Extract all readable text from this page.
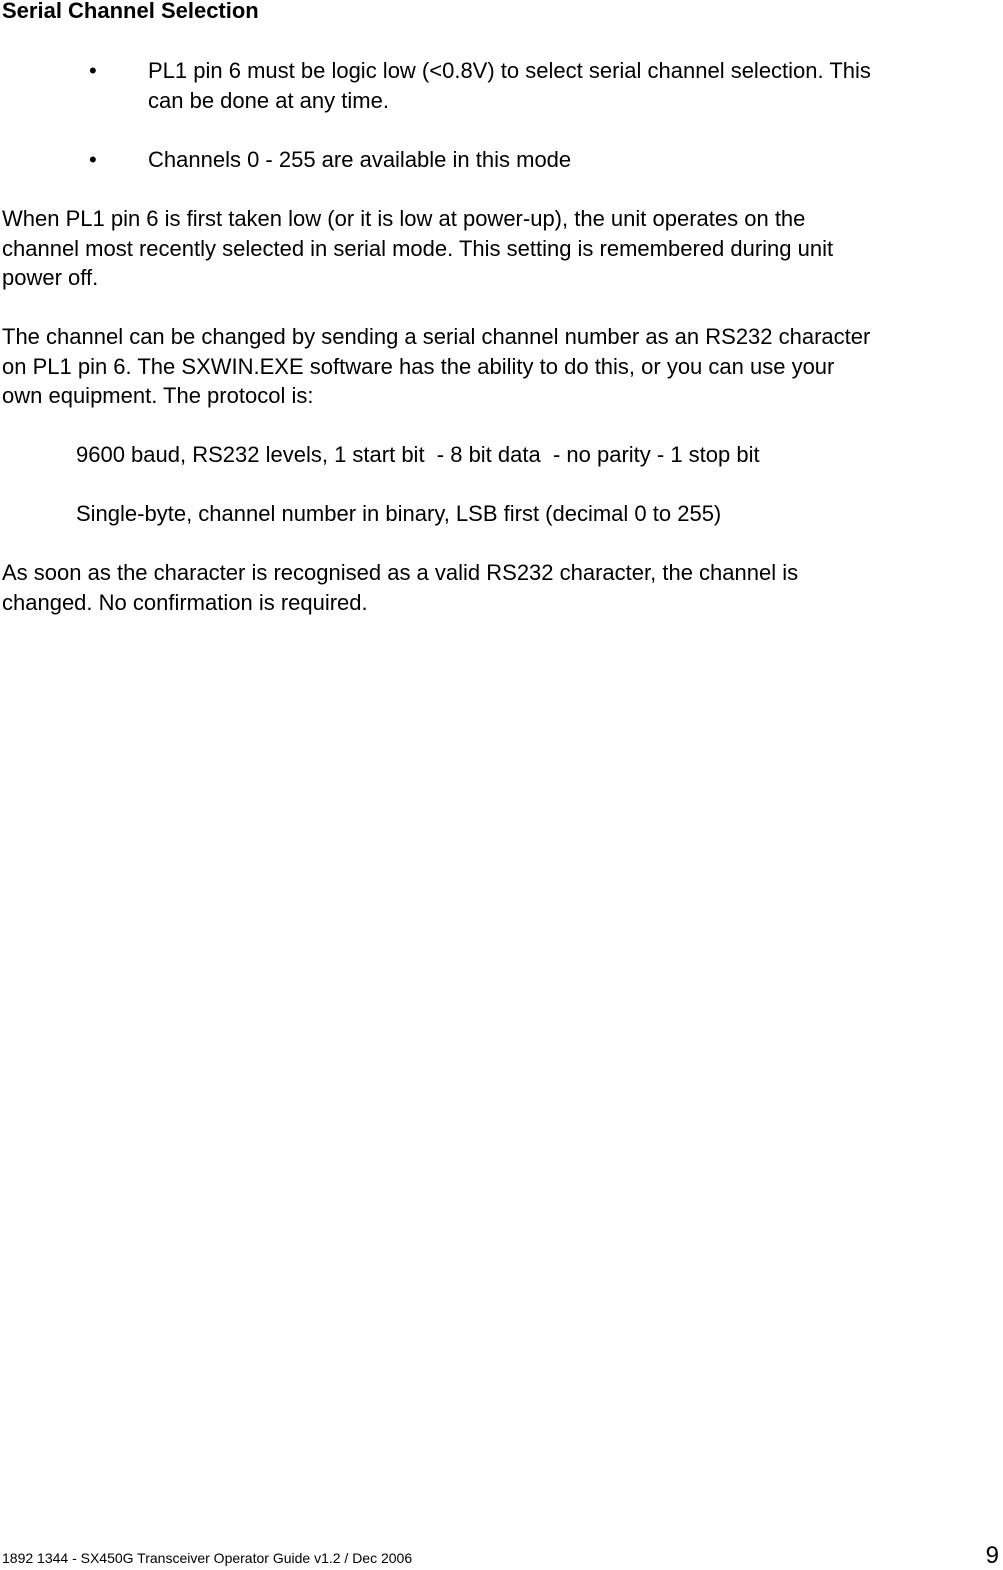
Serial Channel Selection
• PL1 pin 6 must be logic low (<0.8V) to select serial channel selection. This
can be done at any time.
• Channels 0 - 255 are available in this mode
When PL1 pin 6 is first taken low (or it is low at power-up), the unit operates on the
channel most recently selected in serial mode. This setting is remembered during unit
power off.
The channel can be changed by sending a serial channel number as an RS232 character
on PL1 pin 6. The SXWIN.EXE software has the ability to do this, or you can use your
own equipment. The protocol is:
9600 baud, RS232 levels, 1 start bit  - 8 bit data  - no parity - 1 stop bit
Single-byte, channel number in binary, LSB first (decimal 0 to 255)
As soon as the character is recognised as a valid RS232 character, the channel is
changed. No confirmation is required.
1892 1344 - SX450G Transceiver Operator Guide v1.2 / Dec 2006	9
